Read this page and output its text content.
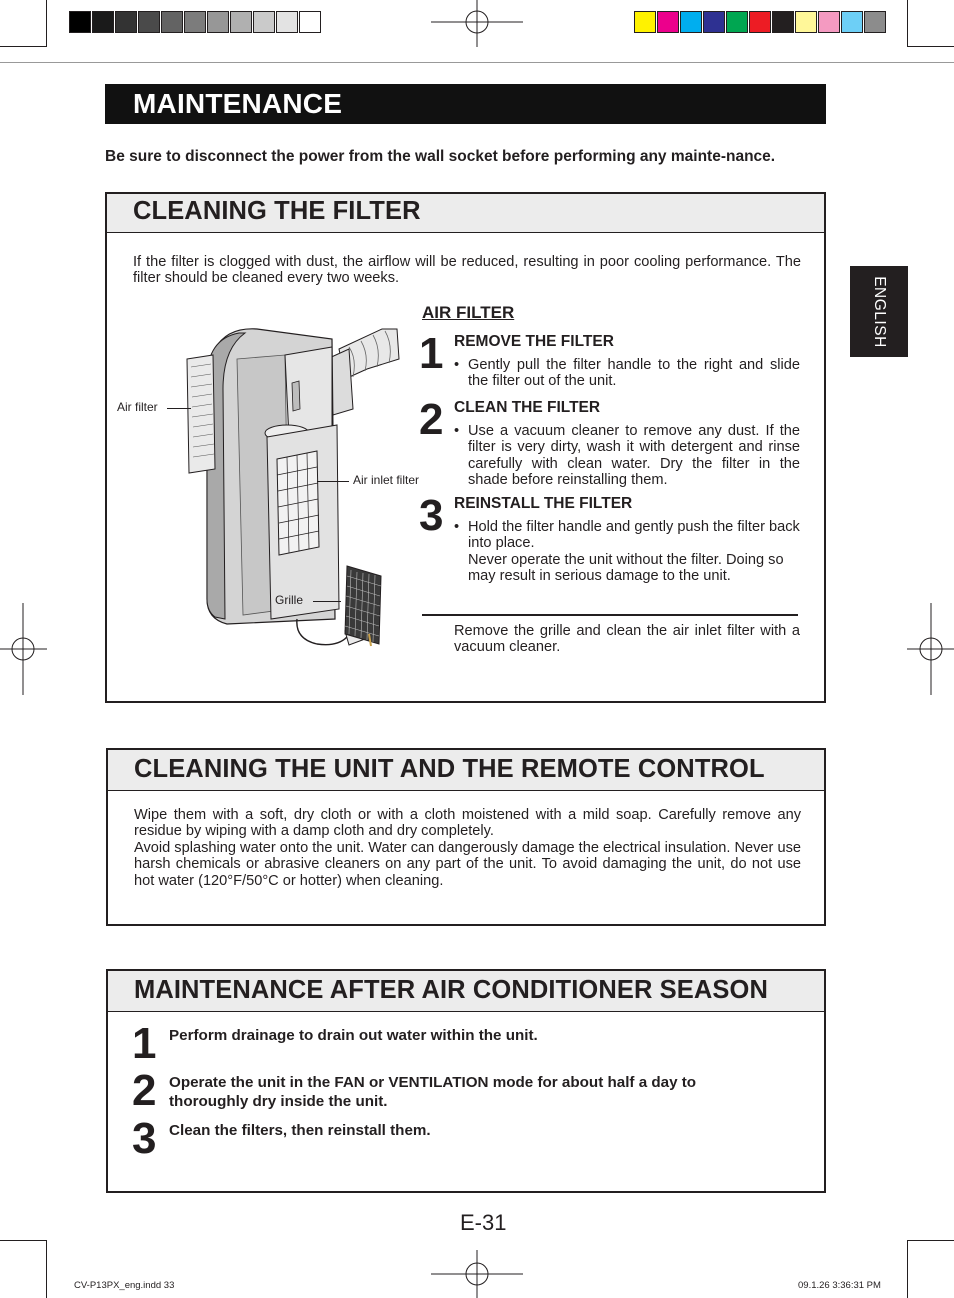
MAINTENANCE
Be sure to disconnect the power from the wall socket before performing any mainte-nance.
ENGLISH
CLEANING THE FILTER
If the filter is clogged with dust, the airflow will be reduced, resulting in poor cooling performance. The filter should be cleaned every two weeks.
Air filter
Air inlet filter
Grille
AIR FILTER
1 REMOVE THE FILTER
• Gently pull the filter handle to the right and slide the filter out of the unit.
2 CLEAN THE FILTER
• Use a vacuum cleaner to remove any dust. If the filter is very dirty, wash it with detergent and rinse carefully with clean water. Dry the filter in the shade before reinstalling them.
3 REINSTALL THE FILTER
• Hold the filter handle and gently push the filter back into place.
Never operate the unit without the filter. Doing so may result in serious damage to the unit.
Remove the grille and clean the air inlet filter with a vacuum cleaner.
CLEANING THE UNIT AND THE REMOTE CONTROL
Wipe them with a soft, dry cloth or with a cloth moistened with a mild soap. Carefully remove any residue by wiping with a damp cloth and dry completely.
Avoid splashing water onto the unit. Water can dangerously damage the electrical insulation. Never use harsh chemicals or abrasive cleaners on any part of the unit. To avoid damaging the unit, do not use hot water (120°F/50°C or hotter) when cleaning.
MAINTENANCE AFTER AIR CONDITIONER SEASON
1 Perform drainage to drain out water within the unit.
2 Operate the unit in the FAN or VENTILATION mode for about half a day to thoroughly dry inside the unit.
3 Clean the filters, then reinstall them.
E-31
CV-P13PX_eng.indd 33	09.1.26 3:36:31 PM
